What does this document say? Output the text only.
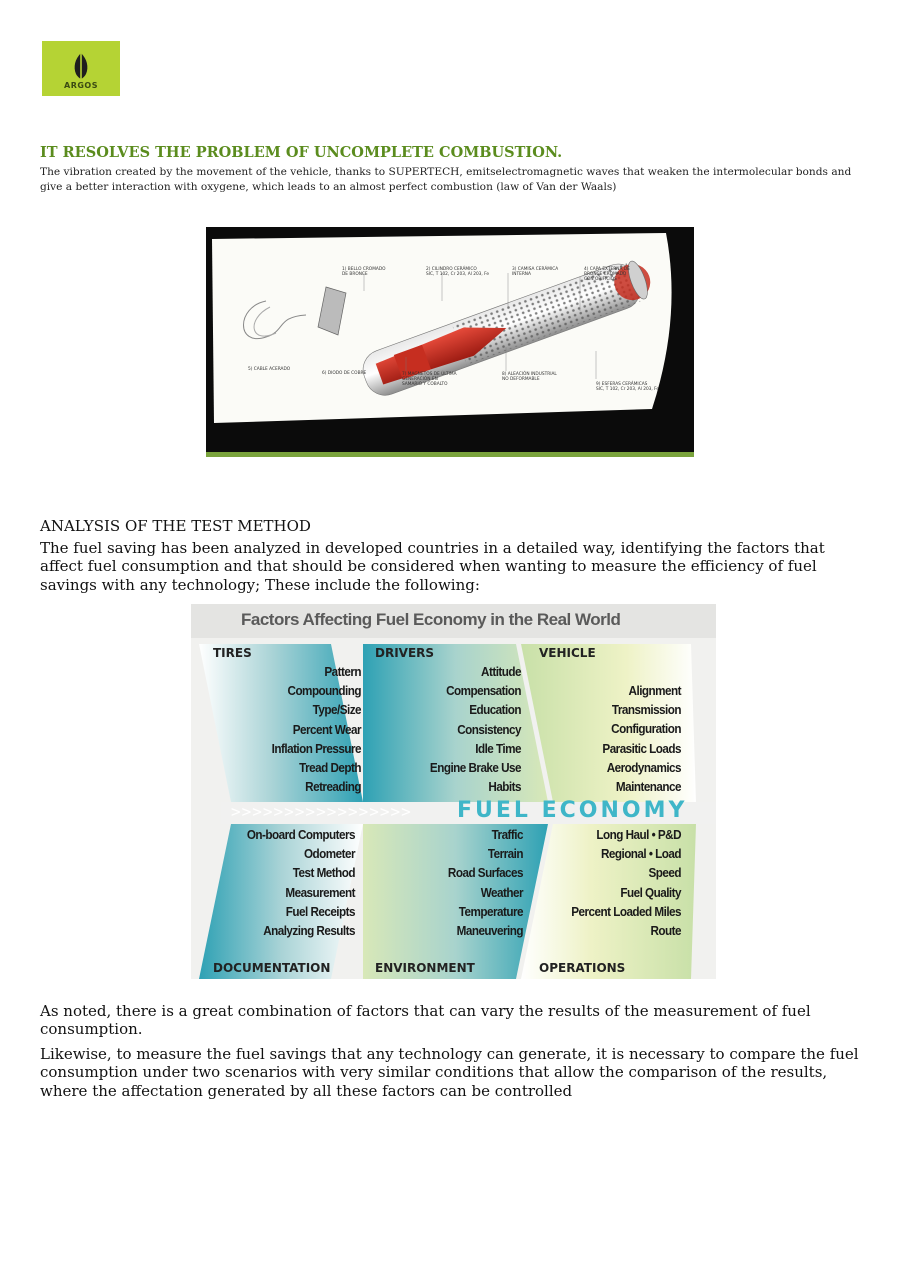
ARGOS
IT RESOLVES THE PROBLEM OF UNCOMPLETE COMBUSTION.
The vibration created by the movement of the vehicle, thanks to SUPERTECH, emitselectromagnetic waves that weaken the intermolecular bonds and give a better interaction with oxygene, which leads to an almost perfect combustion (law of Van der Waals)
1) BELLO CROMADO
DE BRONCE
2) CILINDRO CERÁMICO
SIC, T 102, Cr 203, Al 203, Fe
3) CAMISA CERÁMICA
INTERNA
4) CAPA EXTERNA DE
BRONCE CROMADO
CON ORIFICIOS
5) CABLE ACERADO
6) DIODO DE COBRE	7) MAGNETOS DE ÚLTIMA
GENERACIÓN EN
SAMARIO Y COBALTO
8) ALEACIÓN INDUSTRIAL
NO DEFORMABLE
9) ESFERAS CERÁMICAS
SIC, T 102, Cr 203, Al 203, Fe
ANALYSIS OF THE TEST METHOD
The fuel saving has been analyzed in developed countries in a detailed way, identifying the factors that affect fuel consumption and that should be considered when wanting to measure the efficiency of fuel savings with any technology; These include the following:
Factors Affecting Fuel Economy in the Real World
TIRES	DRIVERS	VEHICLE
Pattern
Compounding
Type/Size
Percent Wear
Inflation Pressure
Tread Depth
Retreading
Attitude
Compensation
Education
Consistency
Idle Time
Engine Brake Use
Habits
Alignment
Transmission
Configuration
Parasitic Loads
Aerodynamics
Maintenance
>>>>>>>>>>>>>>>>> FUEL ECONOMY
On-board Computers
Odometer
Test Method
Measurement
Fuel Receipts
Analyzing Results
Traffic
Terrain
Road Surfaces
Weather
Temperature
Maneuvering
Long Haul • P&D
Regional • Load
Speed
Fuel Quality
Percent Loaded Miles
Route
DOCUMENTATION	ENVIRONMENT	OPERATIONS
As noted, there is a great combination of factors that can vary the results of the measurement of fuel consumption.
Likewise, to measure the fuel savings that any technology can generate, it is necessary to compare the fuel consumption under two scenarios with very similar conditions that allow the comparison of the results, where the affectation generated by all these factors can be controlled
